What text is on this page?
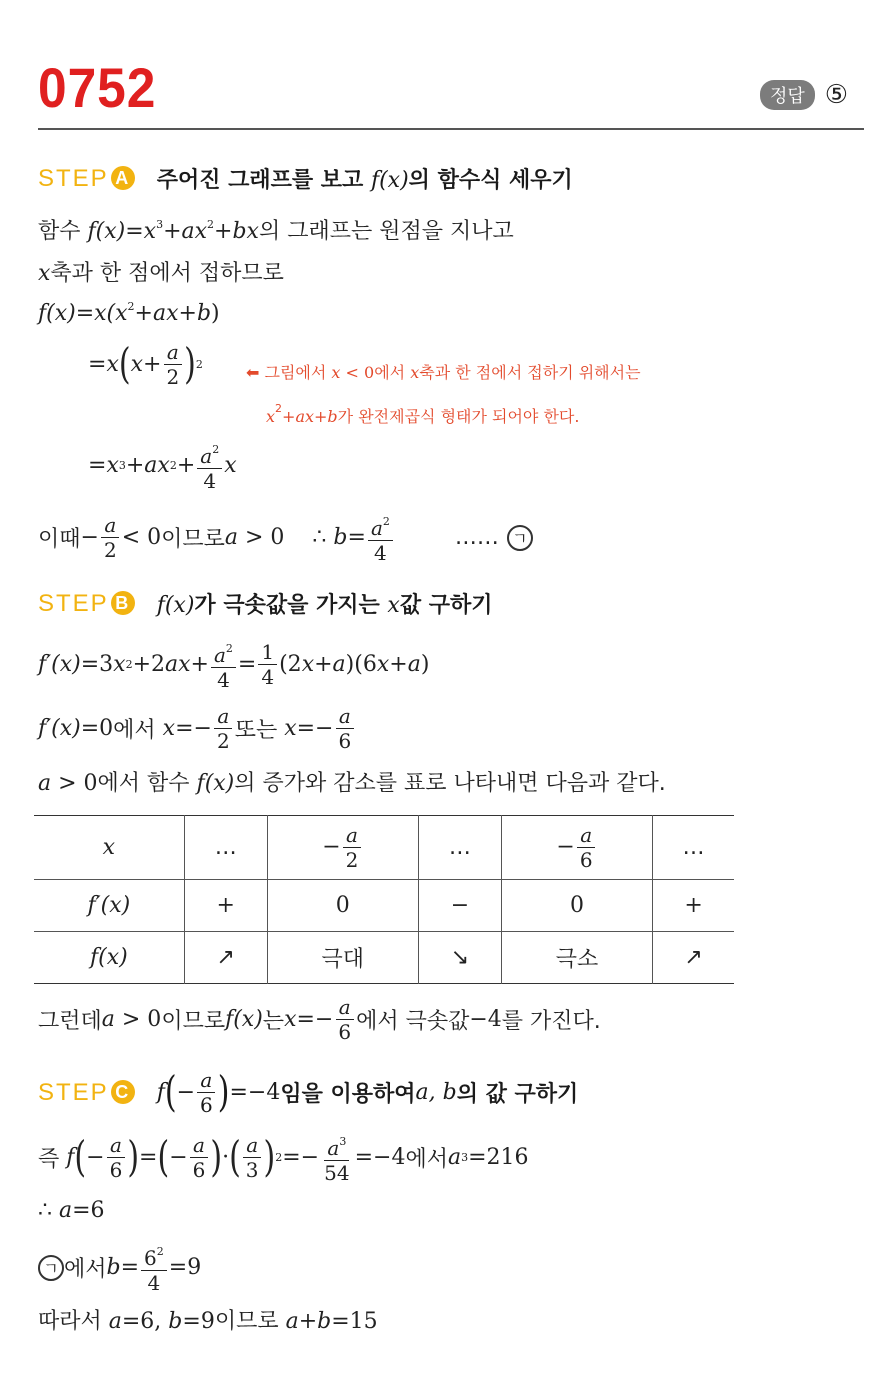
0752	정답 ⑤
STEP A 주어진 그래프를 보고 f(x)의 함수식 세우기
함수 $f(x)=x^3+ax^2+bx$의 그래프는 원점을 지나고
x축과 한 점에서 접하므로
$f(x)=x(x^2+ax+b)$
= x ( $x + \frac{a}{2}$ ) 2	⬅ 그림에서 x < 0에서 x축과 한 점에서 접하기 위해서는
$x^2+ax+b$가 완전제곱식 형태가 되어야 한다.
= x 3 + ax $2 + \frac{a^2}{4}$ x
이때 − $\frac{a}{2} < 0$ 이므로 a > 0    ∴ $b = \frac{a^2}{4}$	…… ㄱ
STEP B f(x)가 극솟값을 가지는 x값 구하기
f′(x) =3 x 2 +2 ax + $\frac{a^2}{4} = \frac{1}{4} (2$ x + a )(6 x + a )
f′(x) =0 에서 $x =- \frac{a}{2}$ 또는
$x =- \frac{a}{6}$
a > 0에서 함수 f(x)의 증가와 감소를 표로 나타내면 다음과 같다.
x	…	− $\frac{a}{2}$	…	− $\frac{a}{6}$	…
f′(x)	+	0	−	0	+
f(x)	↗	극대	↘	극소	↗
그런데 a > 0 이므로 f(x) 는 $x =- \frac{a}{6}$ 에서 극솟값 −4 를 가진다.
STEP C f ( − $\frac{a}{6}$ ) =−4 임을 이용하여 a, b 의 값 구하기
즉
f ( − $\frac{a}{6}$ ) = ( − $\frac{a}{6}$ ) · ( $\frac{a}{3}$ ) $2 =- \frac{a^3}{54} =-4$ 에서 a 3 =216
∴ a=6
ㄱ 에서 $b = \frac{6^2}{4} =9$
따라서 a=6, b=9이므로 a+b=15
